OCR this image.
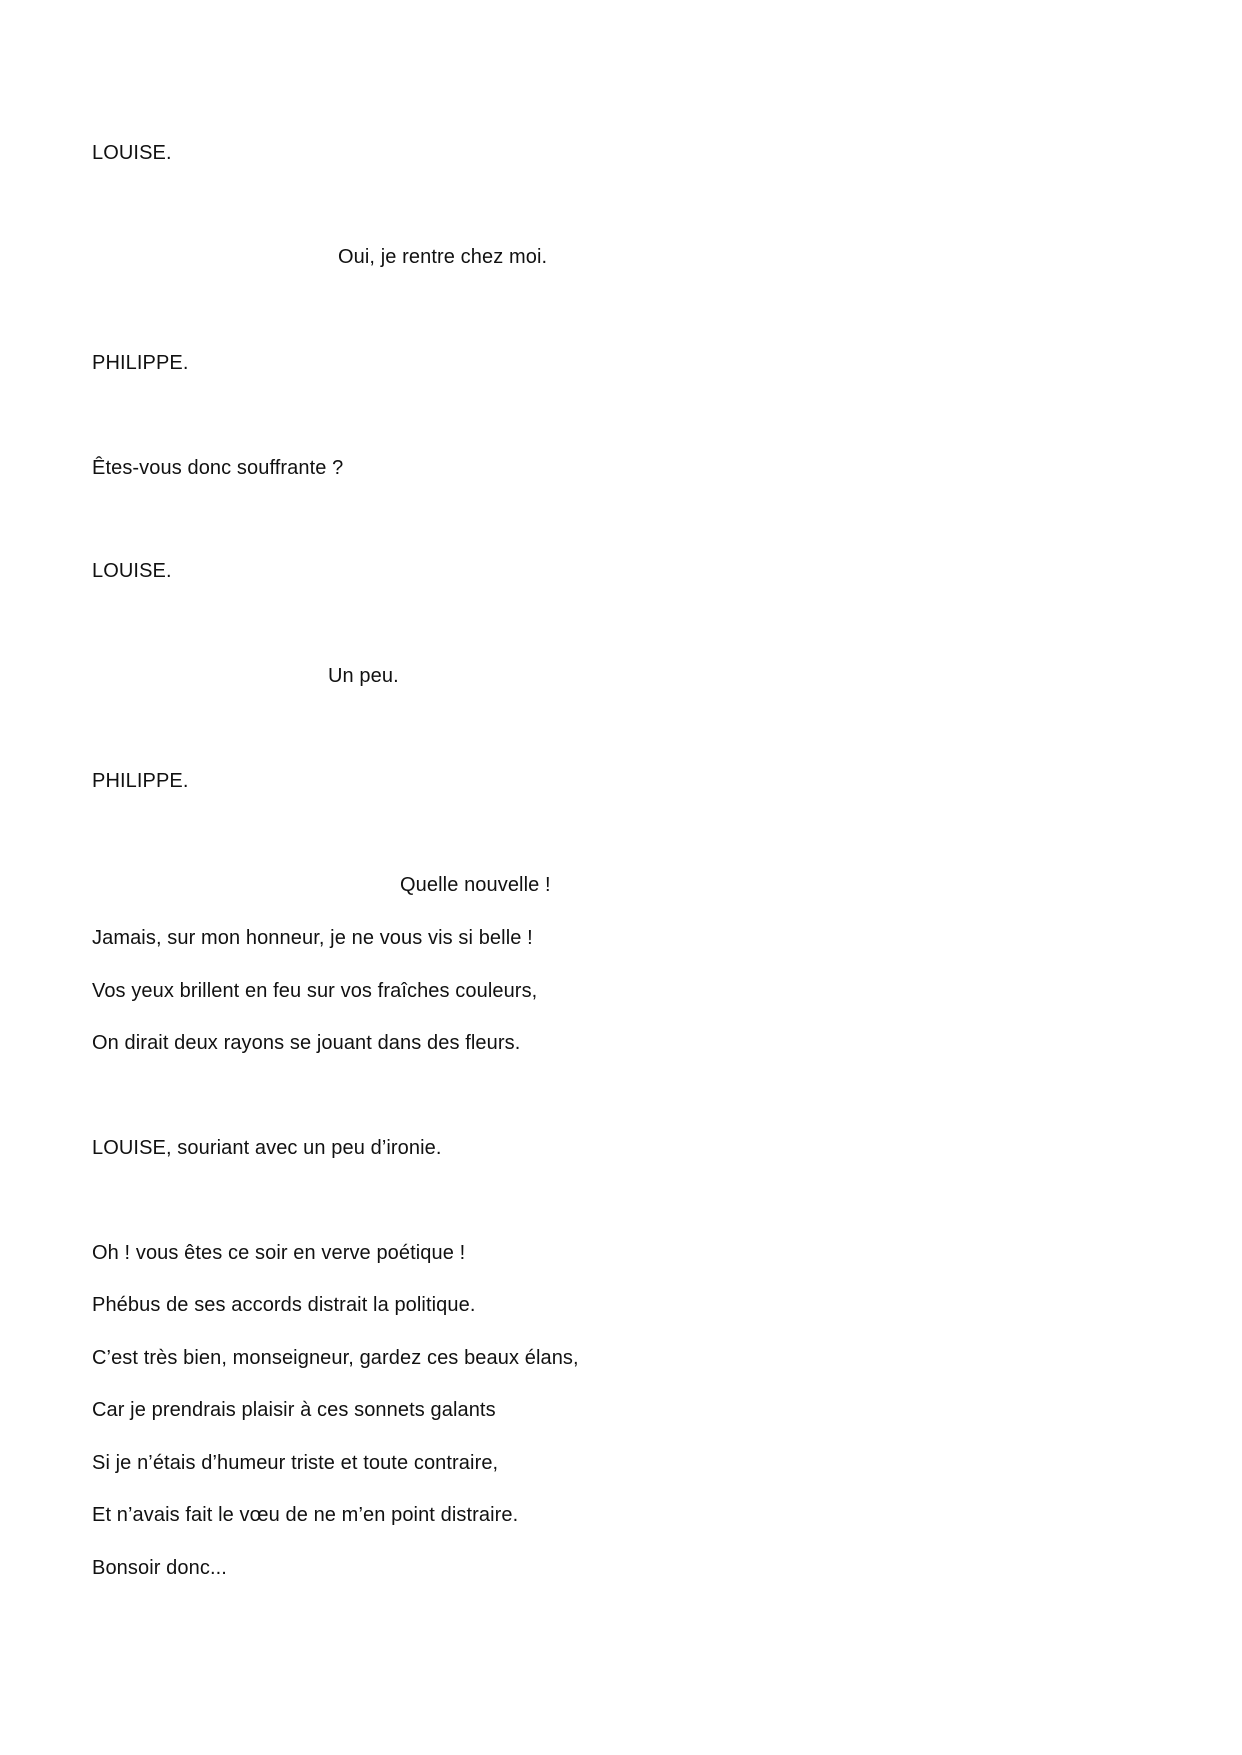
LOUISE.
Oui, je rentre chez moi.
PHILIPPE.
Êtes-vous donc souffrante ?
LOUISE.
Un peu.
PHILIPPE.
Quelle nouvelle !
Jamais, sur mon honneur, je ne vous vis si belle !
Vos yeux brillent en feu sur vos fraîches couleurs,
On dirait deux rayons se jouant dans des fleurs.
LOUISE, souriant avec un peu d’ironie.
Oh ! vous êtes ce soir en verve poétique !
Phébus de ses accords distrait la politique.
C’est très bien, monseigneur, gardez ces beaux élans,
Car je prendrais plaisir à ces sonnets galants
Si je n’étais d’humeur triste et toute contraire,
Et n’avais fait le vœu de ne m’en point distraire.
Bonsoir donc...
